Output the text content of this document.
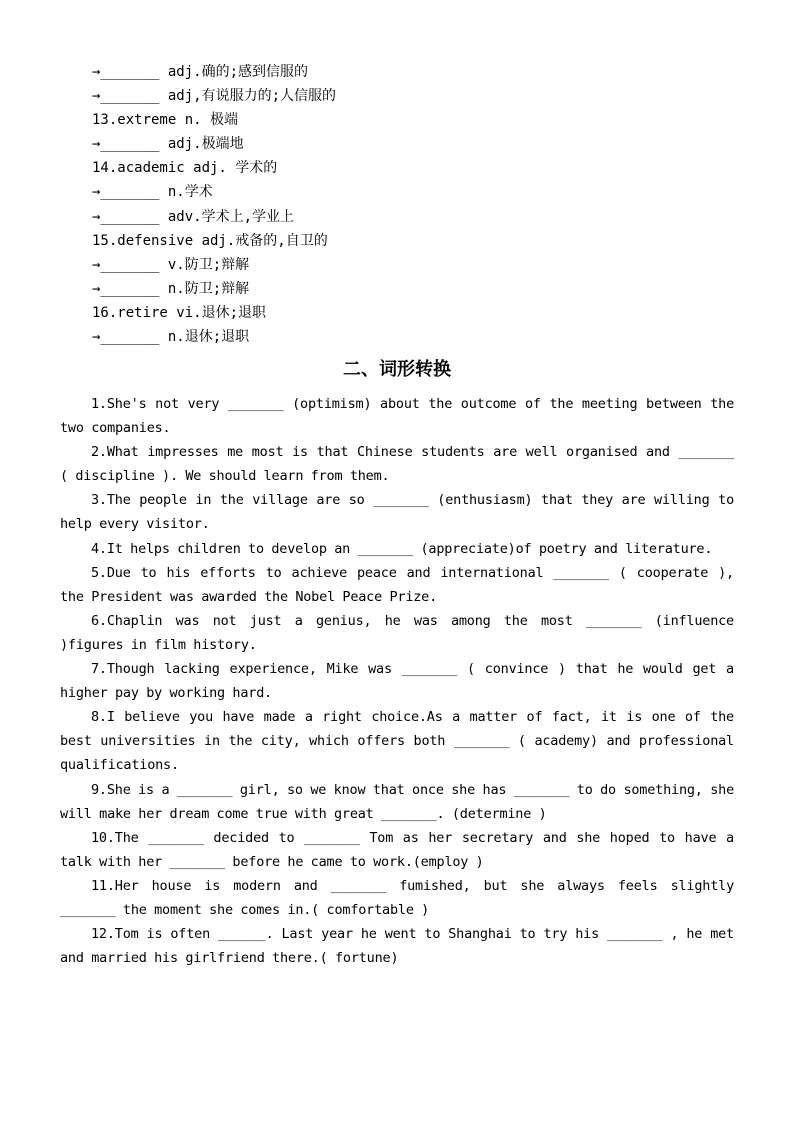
→_______ adj.确的;感到信服的
→_______ adj,有说服力的;人信服的
13.extreme n. 极端
→_______ adj.极端地
14.academic adj. 学术的
→_______ n.学术
→_______ adv.学术上,学业上
15.defensive adj.戒备的,自卫的
→_______ v.防卫;辩解
→_______ n.防卫;辩解
16.retire vi.退休;退职
→_______ n.退休;退职
二、词形转换
1.She's not very _______ (optimism) about the outcome of the meeting between the two companies.
2.What impresses me most is that Chinese students are well organised and _______ ( discipline ). We should learn from them.
3.The people in the village are so _______ (enthusiasm) that they are willing to help every visitor.
4.It helps children to develop an _______ (appreciate)of poetry and literature.
5.Due to his efforts to achieve peace and international _______ ( cooperate ), the President was awarded the Nobel Peace Prize.
6.Chaplin was not just a genius, he was among the most _______ (influence )figures in film history.
7.Though lacking experience, Mike was _______ ( convince ) that he would get a higher pay by working hard.
8.I believe you have made a right choice.As a matter of fact, it is one of the best universities in the city, which offers both _______ ( academy) and professional qualifications.
9.She is a _______ girl, so we know that once she has _______ to do something, she will make her dream come true with great _______. (determine )
10.The _______ decided to _______ Tom as her secretary and she hoped to have a talk with her _______ before he came to work.(employ )
11.Her house is modern and _______ fumished, but she always feels slightly _______ the moment she comes in.( comfortable )
12.Tom is often ______. Last year he went to Shanghai to try his _______ , he met and married his girlfriend there.( fortune)
